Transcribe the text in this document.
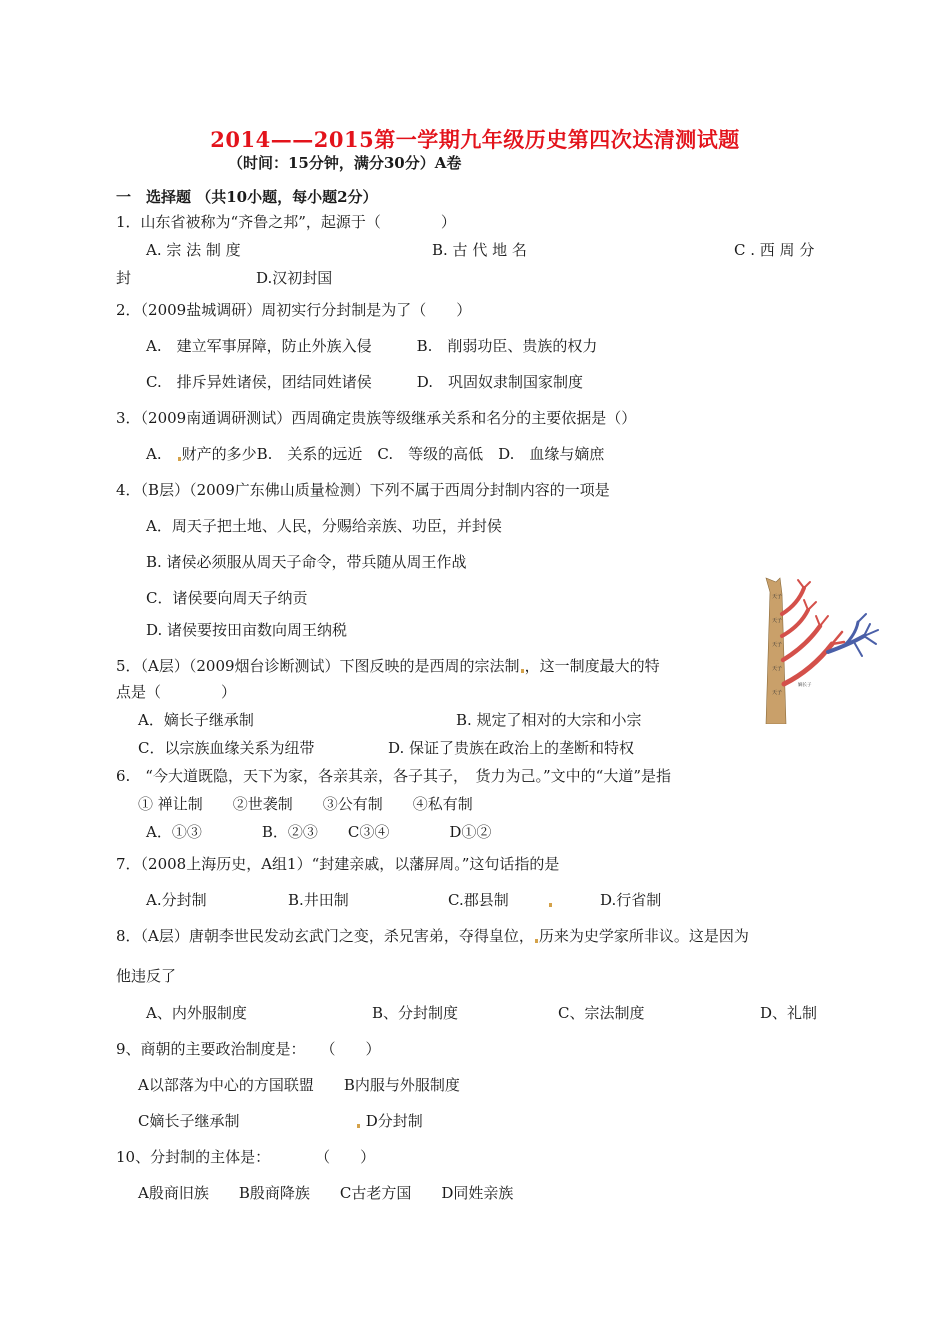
2014——2015第一学期九年级历史第四次达清测试题
（时间：15分钟，满分30分）A卷
一　选择题 （共10小题，每小题2分）
1．山东省被称为“齐鲁之邦”，起源于（　　　　）
A. 宗 法 制 度	B. 古 代 地 名	C . 西 周 分
封	D.汉初封国
2．（2009盐城调研）周初实行分封制是为了（　　）
A.　建立军事屏障，防止外族入侵　　　B.　削弱功臣、贵族的权力
C.　排斥异姓诸侯，团结同姓诸侯　　　D.　巩固奴隶制国家制度
3．（2009南通调研测试）西周确定贵族等级继承关系和名分的主要依据是（）
A.　财产的多少B.　关系的远近　C.　等级的高低　D.　血缘与嫡庶
4．（B层）（2009广东佛山质量检测）下列不属于西周分封制内容的一项是
A．周天子把土地、人民，分赐给亲族、功臣，并封侯
B. 诸侯必须服从周天子命令，带兵随从周王作战
C．诸侯要向周天子纳贡
D. 诸侯要按田亩数向周王纳税
5．（A层）（2009烟台诊断测试）下图反映的是西周的宗法制 ，这一制度最大的特
点是（　　　　）
A．嫡长子继承制	B. 规定了相对的大宗和小宗
C．以宗族血缘关系为纽带	D. 保证了贵族在政治上的垄断和特权
天子
天子
天子
天子
天子
嫡长子
6.　“今大道既隐，天下为家，各亲其亲，各子其子，　货力为己。”文中的“大道”是指
① 禅让制　　②世袭制　　③公有制　　④私有制
A．①③　　　　B．②③　　C③④　　　　D①②
7．（2008上海历史，A组1）“封建亲戚，以藩屏周。”这句话指的是
A.分封制	B.井田制	C.郡县制	D.行省制
8．（A层）唐朝李世民发动玄武门之变，杀兄害弟，夺得皇位， 历来为史学家所非议。这是因为
他违反了
A、内外服制度	B、分封制度	C、宗法制度	D、礼制
9、商朝的主要政治制度是：　　（　　）
A以部落为中心的方国联盟　　B内服与外服制度
C嫡长子继承制　　　　　	D分封制
10、分封制的主体是：　　　　（　　）
A殷商旧族　　B殷商降族　　C古老方国　　D同姓亲族
